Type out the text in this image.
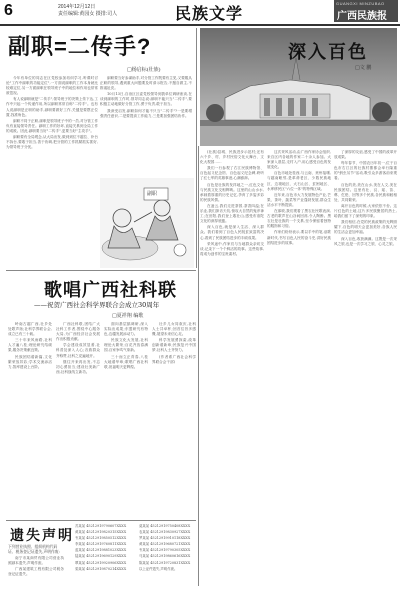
6	2014年12月12日
责任编辑:黄园女 摄排:司人	民族文学
GUANGXI MINZUBAO
广西民族报
副职=二传手?
□杨启标(壮族)

今年有单位的同志在区党校参加培训学习,听课时讨论"工作中副职的功能定位",一方面说副职的工作本身就比较难定位,另一方面副职在领导班子中的地位和作用也常常被忽视。

有人说副职就是"二传手",领导班子的决策上传下达,工作中只起一个传递作用,所以副职常常自称"二传手"。也有人说副职是正职的助手,副职要做好工作,关键是要摆正位置,找准角色。

副职不同于正职,副职是领导班子中的一员,对分管工作负有直接领导责任。副职工作的好坏,直接关系到全局工作的成败。因此,副职要当好"二传手",更要当好"主攻手"。

副职要有全局观念,从大局出发,做到到位不越位、补台不拆台,要敢于担当,善于协调,把分管的工作抓紧抓实抓好,为领导班子分忧。

副职要当好参谋助手,对分管工作既要有主见,又要服从正职的领导,遇到重大问题要及时请示报告,不擅自做主,不推诿扯皮。

10月13日,自治区区委党校领导到我单位调研座谈,在谈到副职的工作时,领导同志说:副职不能只当"二传手",要积极主动地做好分管工作,勇于负责,敢于担当。

我深受启发,副职如何才能不只当"二传手"?一是要增强责任意识,二是要提高工作能力,三是要加强团结协作。

副职
深入百色
□文 鹏

(壮族)县城、民族进步示范村;还有六个乡、村、乡村民俗文化大舞台、文化大观园……

我们一行参观了右江民族博物馆、百色起义纪念馆、百色起义纪念碑,聆听了红七军的英雄事迹,心潮澎湃。

百色是壮族的发祥地之一,红色文化与民族文化交相辉映。这里的山山水水,承载着厚重的历史记忆,孕育了多姿多彩的民族风情。

在凌云,我们走进茶园,茶香四溢;在乐业,我们探访天坑,惊叹大自然的鬼斧神工;在田阳,我们登上敢壮山,感受布洛陀文化的深厚底蕴。

深入百色,就是深入生活、深入群众。我们看到了百色人民脱贫致富的决心,看到了民族团结进步的丰硕成果。

采风途中,作家们与当地群众亲切交谈,记录下一个个鲜活的故事。这些故事,将成为创作的宝贵素材。

这次采风活动,由广西作家协会组织,来自区内各地的作家二十余人参加。大家深入基层,走村入户,用心感受百色的发展变化。

百色市地处桂西,与云南、贵州接壤,与越南毗邻,是革命老区、少数民族地区、边境地区、大石山区、贫困地区、水库移民区"六位一体"的特殊区域。

近年来,百色市大力发展特色产业,芒果、茶叶、蔬菜等产业蓬勃发展,群众生活水平不断提高。

在那坡,我们观看了黑衣壮民歌表演,古老的歌声在山谷间回荡,令人陶醉。黑衣壮是壮族的一个支系,至今保留着独特的服饰和习俗。

作家们纷纷表示,要以手中的笔,讴歌新时代,书写百色人民的奋斗史,讲好民族团结进步的故事。

了深厚的友谊,感受了中国的改革开放成果。

每年春节、中国农历年初一,位于百色市右江区的壮族村寨都会举行隆重的"蚂虫另节"活动,吸引众多游客前来观看。

百色的美,美在山水,美在人文,美在民族团结。这里有壮、汉、瑶、苗、彝、仡佬、回等多个民族,各民族和睦相处、共同繁荣。

离开百色的时候,大家依依不舍。这片红色的土地,这片多民族聚居的热土,给我们留下了深刻的印象。

我们相信,在党的民族政策的光辉照耀下,百色的明天会更加美好,各族人民的生活会更加幸福。

深入百色,收获满满。这既是一次采风之旅,也是一次学习之旅、心灵之旅。

歌唱广西社科联
——祝贺广西社会科学界联合会成立30周年
□夏祥翔 编歌

岭南古越广西,壮乡处处歌声扬;社科学界联合会,成立已有三十载。

三十年来风雨路,社科人才遍八桂;理论研究结硕果,服务决策献良策。

民族团结谱新篇,文化繁荣放异彩;学术交流添活力,智库建设上台阶。

广西社科联,团结广大社科工作者,围绕中心服务大局,为广西经济社会发展作出积极贡献。

学会建设成效显著,社科普及深入人心;各族群众齐称赞,社科之花遍地开。

继往开来再出发,不忘初心勇担当;建设壮美新广西,社科战线立新功。

面向基层搞调研,深入实际出成果;东盟研究有特色,边疆发展添动力。

民族文化大发展,社科理论大繁荣;百花齐放春满园,百家争鸣气象新。

三十而立正青春,八桂大地谱华章;歌唱广西社科联,祝福明天更辉煌。

壮乡儿女同欢庆,社科人士共举杯;回首往昔多感慨,展望未来信心足。

科学发展勇探索,改革创新谱新章;民族复兴中国梦,社科人士齐努力。

(作者系广西社会科学界联合会干部)

遗失声明
下列营业执照、组织机构代码证、税务登记证遗失,声明作废:

南宁市某商贸有限公司营业执照副本遗失,声明作废。

广西某建筑工程有限公司税务登记证遗失。

苏某某 45212919790607XXXX

黄某某 45212919820315XXXX

韦某某 45212919850512XXXX

李某某 45212919760811XXXX

蓝某某 45212919881023XXXX

陆某某 45212919690129XXXX

覃某某 45212919920906XXXX

梁某某 45212919870214XXXX

莫某某 45212919750408XXXX

农某某 45212919830927XXXX

罗某某 45212919910118XXXX

黄某某 45212919680721XXXX

韦某某 45212919790305XXXX

马某某 45212919860616XXXX

陈某某 45212919720831XXXX

以上证件遗失,声明作废。
